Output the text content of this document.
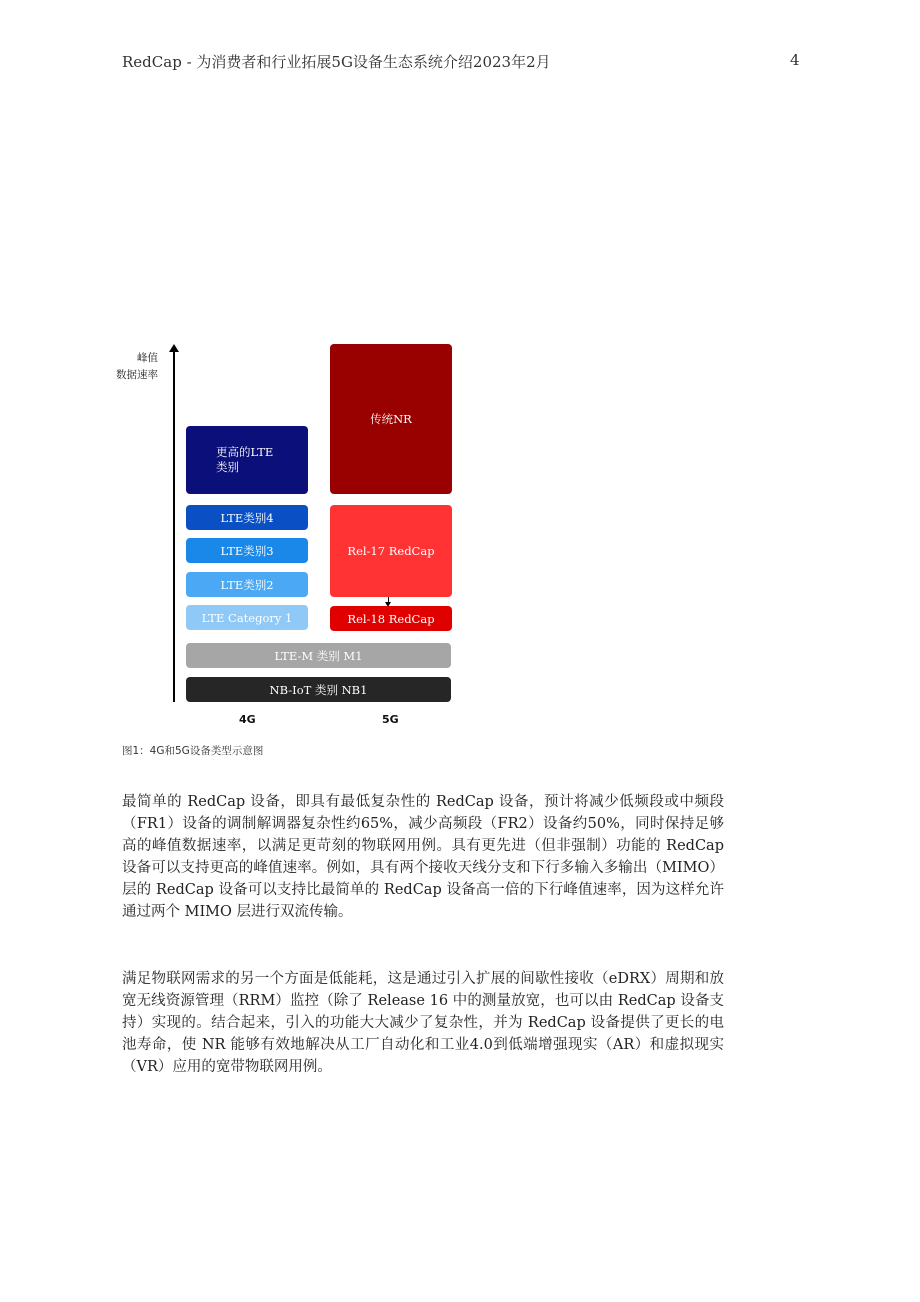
RedCap - 为消费者和行业拓展5G设备生态系统介绍2023年2月	4
峰值
数据速率
更高的LTE类别
LTE类别4
LTE类别3
LTE类别2
LTE Category 1
传统NR
Rel-17 RedCap
Rel-18 RedCap
LTE-M 类别 M1
NB-IoT 类别 NB1
4G	5G
图1：4G和5G设备类型示意图

最简单的 RedCap 设备，即具有最低复杂性的 RedCap 设备，预计将减少低频段或中频段（FR1）设备的调制解调器复杂性约65%，减少高频段（FR2）设备约50%，同时保持足够高的峰值数据速率，以满足更苛刻的物联网用例。具有更先进（但非强制）功能的 RedCap 设备可以支持更高的峰值速率。例如，具有两个接收天线分支和下行多输入多输出（MIMO）层的 RedCap 设备可以支持比最简单的 RedCap 设备高一倍的下行峰值速率，因为这样允许通过两个 MIMO 层进行双流传输。

满足物联网需求的另一个方面是低能耗，这是通过引入扩展的间歇性接收（eDRX）周期和放宽无线资源管理（RRM）监控（除了 Release 16 中的测量放宽，也可以由 RedCap 设备支持）实现的。结合起来，引入的功能大大减少了复杂性，并为 RedCap 设备提供了更长的电池寿命，使 NR 能够有效地解决从工厂自动化和工业4.0到低端增强现实（AR）和虚拟现实（VR）应用的宽带物联网用例。
